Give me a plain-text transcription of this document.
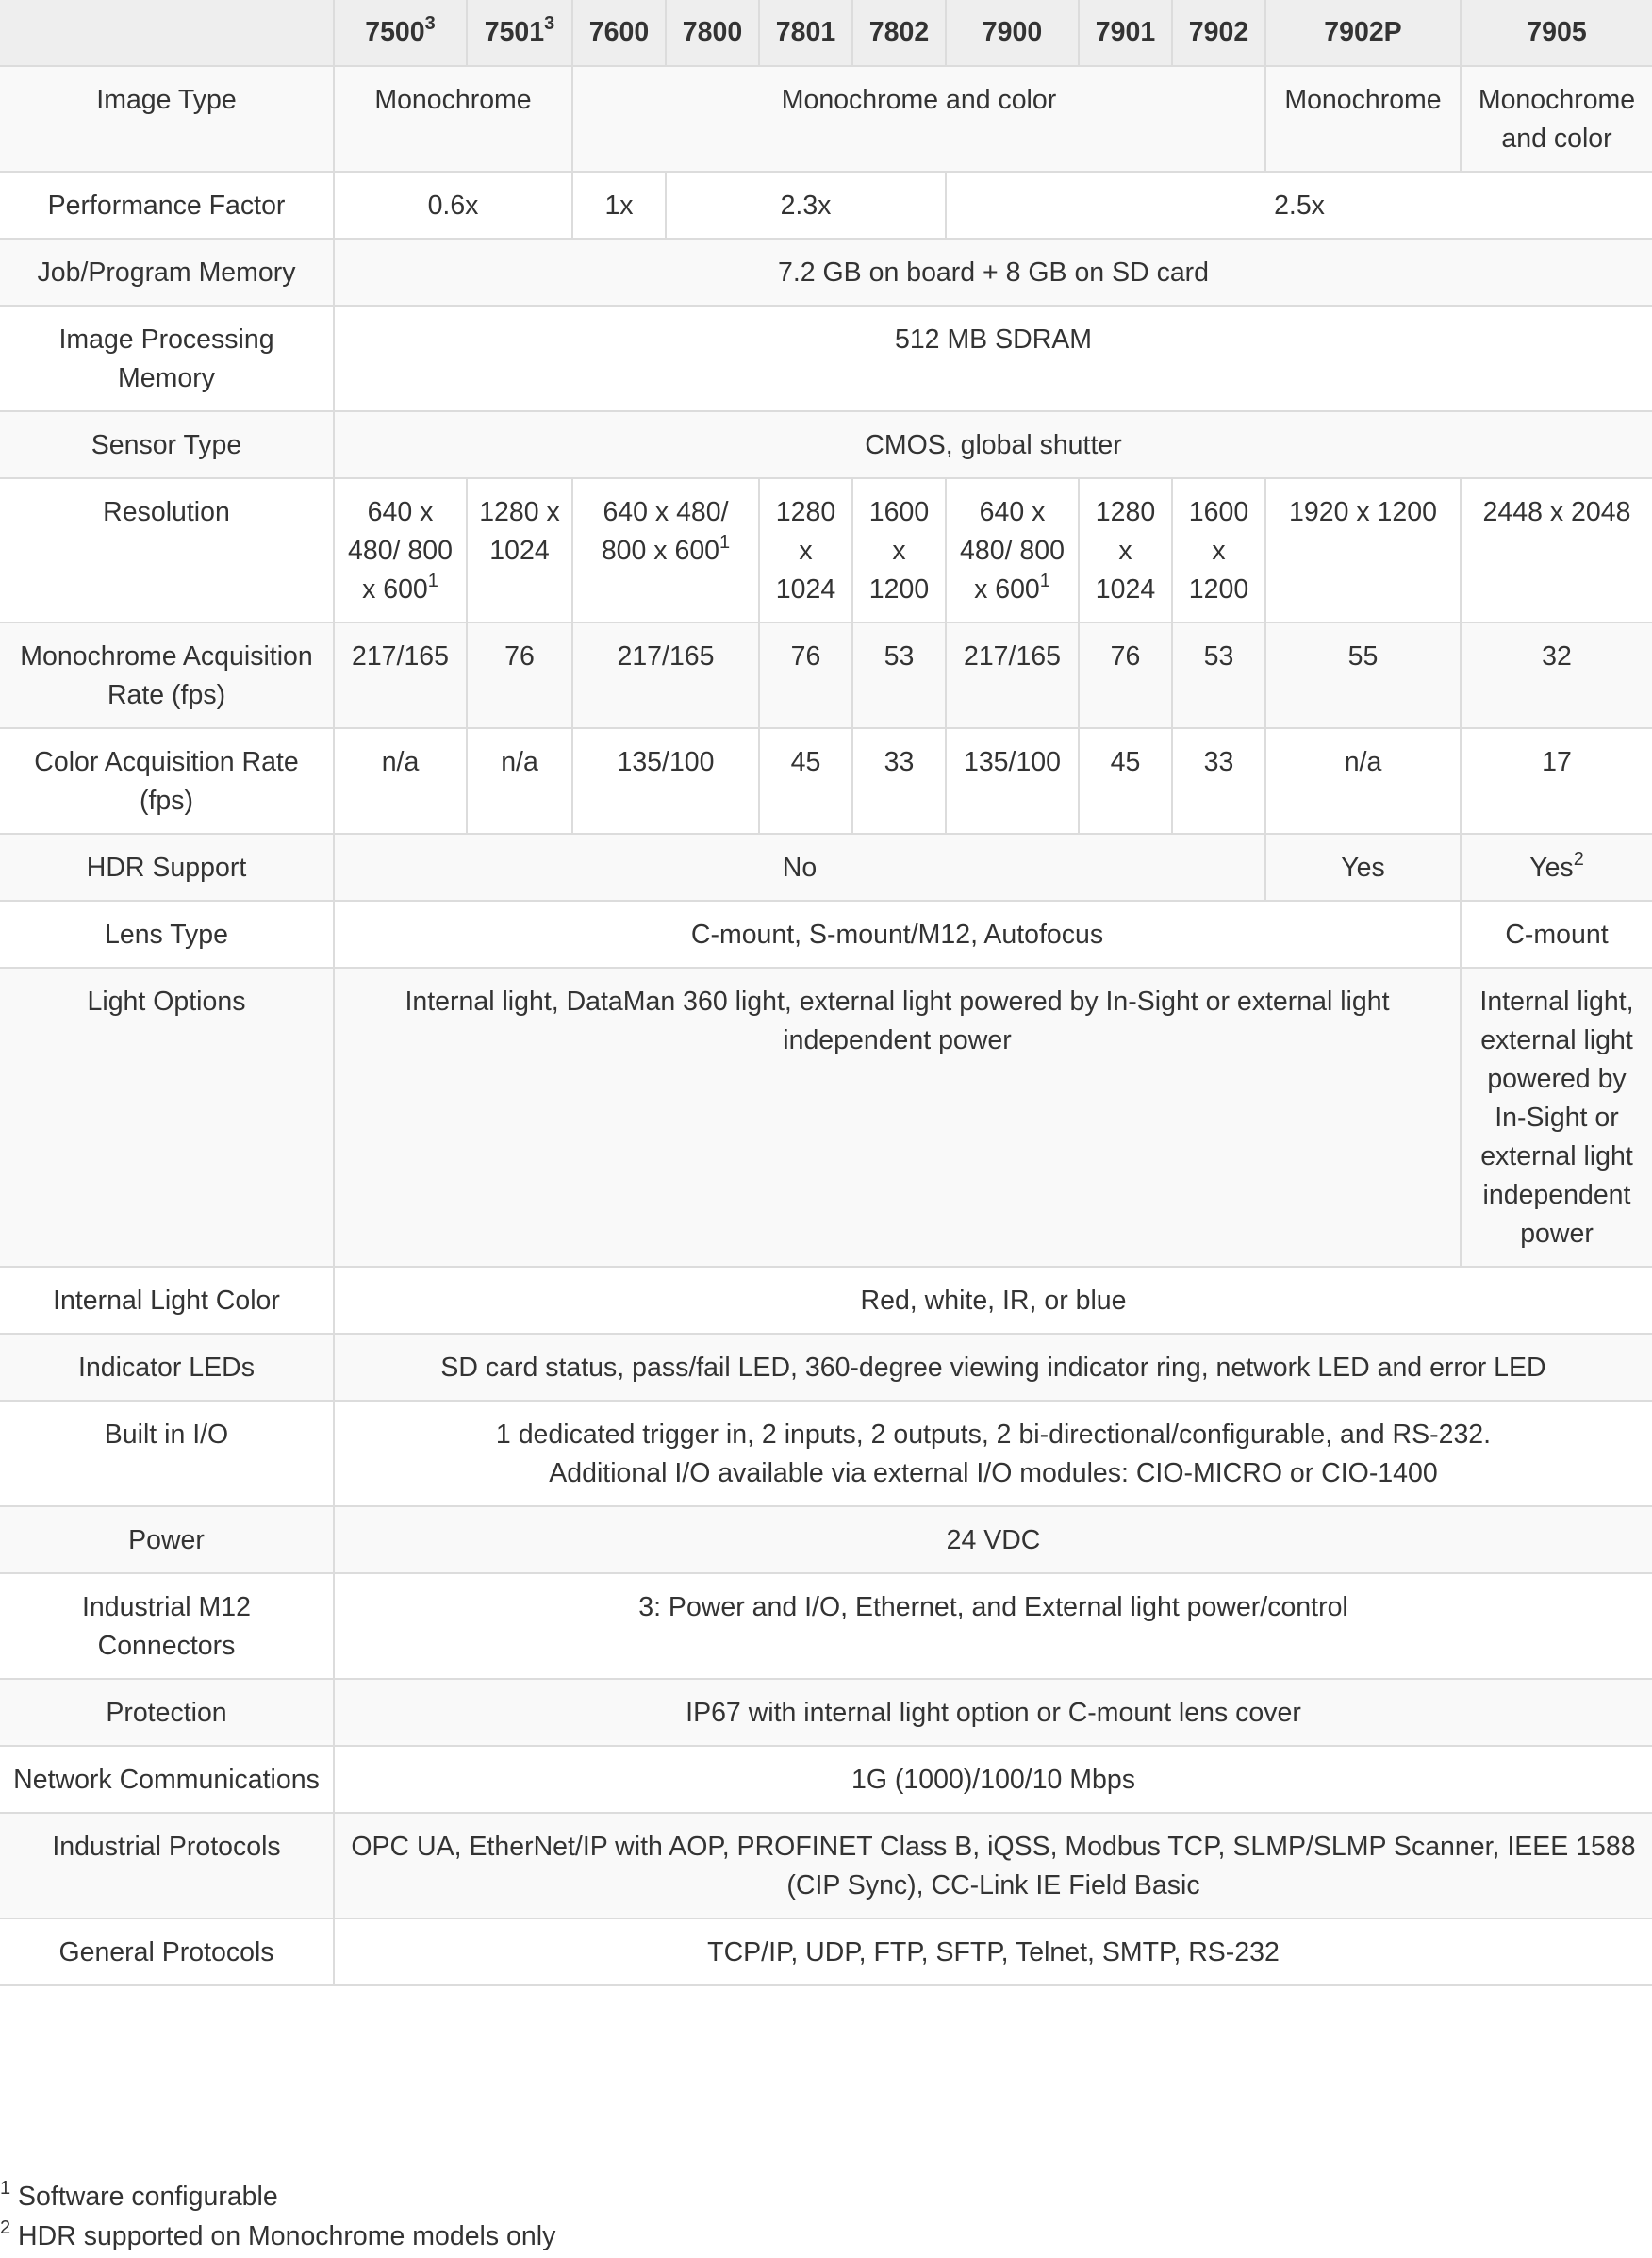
	7500$^3$	7501$^3$	7600	7800	7801	7802	7900	7901	7902	7902P	7905
Image Type	Monochrome		Monochrome and color							Monochrome	Monochrome and color
Performance Factor	0.6x		1x	2.3x			2.5x				
Job/Program Memory	7.2 GB on board + 8 GB on SD card										
Image Processing Memory	512 MB SDRAM										
Sensor Type	CMOS, global shutter										
Resolution	640 x 480/ 800 x $600^1$	1280 x 1024	640 x 480/ 800 x $600^1$		1280 x 1024	1600 x 1200	640 x 480/ 800 x $600^1$	1280 x 1024	1600 x 1200	1920 x 1200	2448 x 2048
Monochrome Acquisition Rate (fps)	217/165	76	217/165		76	53	217/165	76	53	55	32
Color Acquisition Rate (fps)	n/a	n/a	135/100		45	33	135/100	45	33	n/a	17
HDR Support	No									Yes	Yes$^2$
Lens Type	C-mount, S-mount/M12, Autofocus										C-mount
Light Options	Internal light, DataMan 360 light, external light powered by In-Sight or external light independent power										Internal light, external light powered by In-Sight or external light independent power
Internal Light Color	Red, white, IR, or blue										
Indicator LEDs	SD card status, pass/fail LED, 360-degree viewing indicator ring, network LED and error LED										
Built in I/O	1 dedicated trigger in, 2 inputs, 2 outputs, 2 bi-directional/configurable, and RS-232.
Additional I/O available via external I/O modules: CIO-MICRO or CIO-1400										

Power	24 VDC										
Industrial M12 Connectors	3: Power and I/O, Ethernet, and External light power/control										
Protection	IP67 with internal light option or C-mount lens cover										
Network Communications	1G (1000)/100/10 Mbps										
Industrial Protocols	OPC UA, EtherNet/IP with AOP, PROFINET Class B, iQSS, Modbus TCP, SLMP/SLMP Scanner, IEEE 1588 (CIP Sync), CC-Link IE Field Basic										
General Protocols	TCP/IP, UDP, FTP, SFTP, Telnet, SMTP, RS-232										
$^1$ Software configurable
$^2$ HDR supported on Monochrome models only
